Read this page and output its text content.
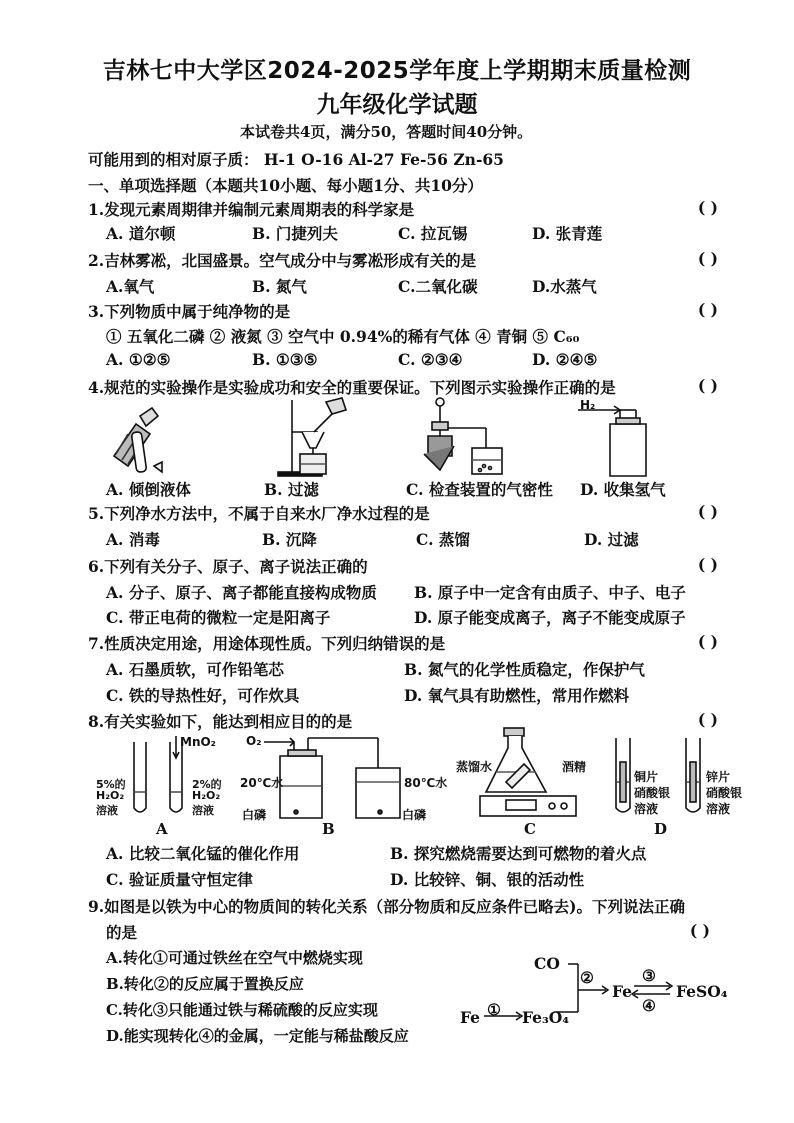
吉林七中大学区2024-2025学年度上学期期末质量检测
九年级化学试题
本试卷共4页，满分50，答题时间40分钟。
可能用到的相对原子质： H-1 O-16 Al-27 Fe-56 Zn-65
一、单项选择题（本题共10小题、每小题1分、共10分）
1.发现元素周期律并编制元素周期表的科学家是	( )
A. 道尔顿	B. 门捷列夫	C. 拉瓦锡	D. 张青莲
2.吉林雾凇，北国盛景。空气成分中与雾凇形成有关的是	( )
A.氧气	B. 氮气	C.二氧化碳	D.水蒸气
3.下列物质中属于纯净物的是	( )
① 五氧化二磷 ② 液氮 ③ 空气中 0.94%的稀有气体 ④ 青铜 ⑤ C₆₀
A. ①②⑤	B. ①③⑤	C. ②③④	D. ②④⑤
4.规范的实验操作是实验成功和安全的重要保证。下列图示实验操作正确的是	( )
H₂
A. 倾倒液体	B. 过滤	C. 检查装置的气密性 D. 收集氢气
5.下列净水方法中，不属于自来水厂净水过程的是	( )
A. 消毒	B. 沉降	C. 蒸馏	D. 过滤
6.下列有关分子、原子、离子说法正确的	( )
A. 分子、原子、离子都能直接构成物质 B. 原子中一定含有由质子、中子、电子
C. 带正电荷的微粒一定是阳离子	D. 原子能变成离子，离子不能变成原子
7.性质决定用途，用途体现性质。下列归纳错误的是	( )
A. 石墨质软，可作铅笔芯	B. 氮气的化学性质稳定，作保护气
C. 铁的导热性好，可作炊具	D. 氧气具有助燃性，常用作燃料
8.有关实验如下，能达到相应目的的是	( )
MnO₂
5%的
H₂O₂
溶液
2%的
H₂O₂
溶液
A
O₂
20℃水
白磷
80℃水
白磷
B
蒸馏水	酒精
C
铜片
硝酸银
溶液
锌片
硝酸银
溶液
D
A. 比较二氧化锰的催化作用	B. 探究燃烧需要达到可燃物的着火点
C. 验证质量守恒定律	D. 比较锌、铜、银的活动性
9.如图是以铁为中心的物质间的转化关系（部分物质和反应条件已略去)。下列说法正确
的是	( )
A.转化①可通过铁丝在空气中燃烧实现
B.转化②的反应属于置换反应
C.转化③只能通过铁与稀硫酸的反应实现
D.能实现转化④的金属，一定能与稀盐酸反应
CO
Fe ① Fe₃O₄
②
Fe
③
④
FeSO₄
